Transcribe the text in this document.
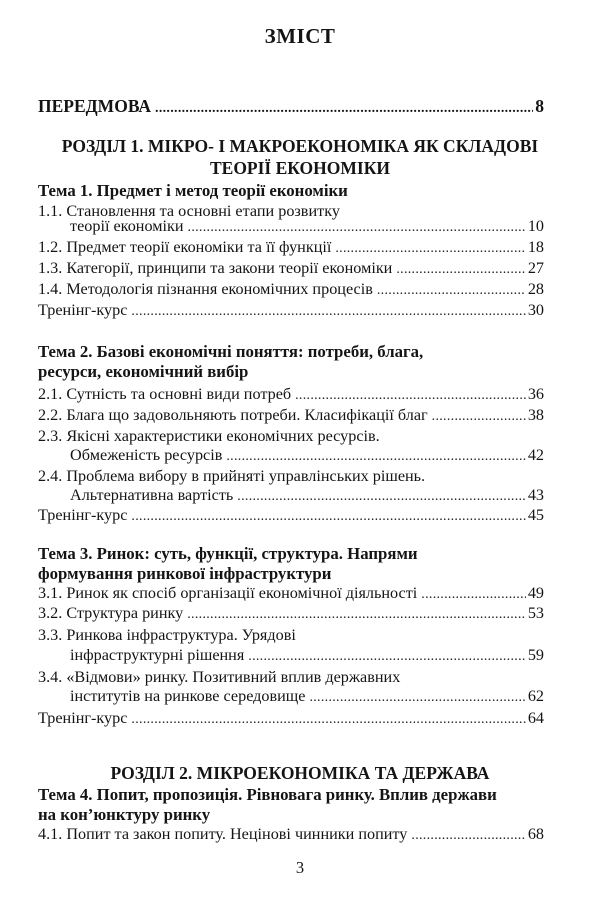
ЗМІСТ
ПЕРЕДМОВА . . .	8
РОЗДІЛ 1. МІКРО- І МАКРОЕКОНОМІКА ЯК СКЛАДОВІ
ТЕОРІЇ ЕКОНОМІКИ
Тема 1. Предмет і метод теорії економіки
1.1. Становлення та основні етапи розвитку
теорії економіки . . .	10
1.2. Предмет теорії економіки та її функції . . .	18
1.3. Категорії, принципи та закони теорії економіки . . .	27
1.4. Методологія пізнання економічних процесів . . .	28
Тренінг-курс . . .	30
Тема 2. Базові економічні поняття: потреби, блага,
ресурси, економічний вибір
2.1. Сутність та основні види потреб . . .	36
2.2. Блага що задовольняють потреби. Класифікації благ . . .	38
2.3. Якісні характеристики економічних ресурсів.
Обмеженість ресурсів . . .	42
2.4. Проблема вибору в прийняті управлінських рішень.
Альтернативна вартість . . .	43
Тренінг-курс . . .	45
Тема 3. Ринок: суть, функції, структура. Напрями
формування ринкової інфраструктури
3.1. Ринок як спосіб організації економічної діяльності . . .	49
3.2. Структура ринку . . .	53
3.3. Ринкова інфраструктура. Урядові
інфраструктурні рішення . . .	59
3.4. «Відмови» ринку. Позитивний вплив державних
інститутів на ринкове середовище . . .	62
Тренінг-курс . . .	64
РОЗДІЛ 2. МІКРОЕКОНОМІКА ТА ДЕРЖАВА
Тема 4. Попит, пропозиція. Рівновага ринку. Вплив держави
на кон’юнктуру ринку
4.1. Попит та закон попиту. Нецінові чинники попиту . . .	68
3
